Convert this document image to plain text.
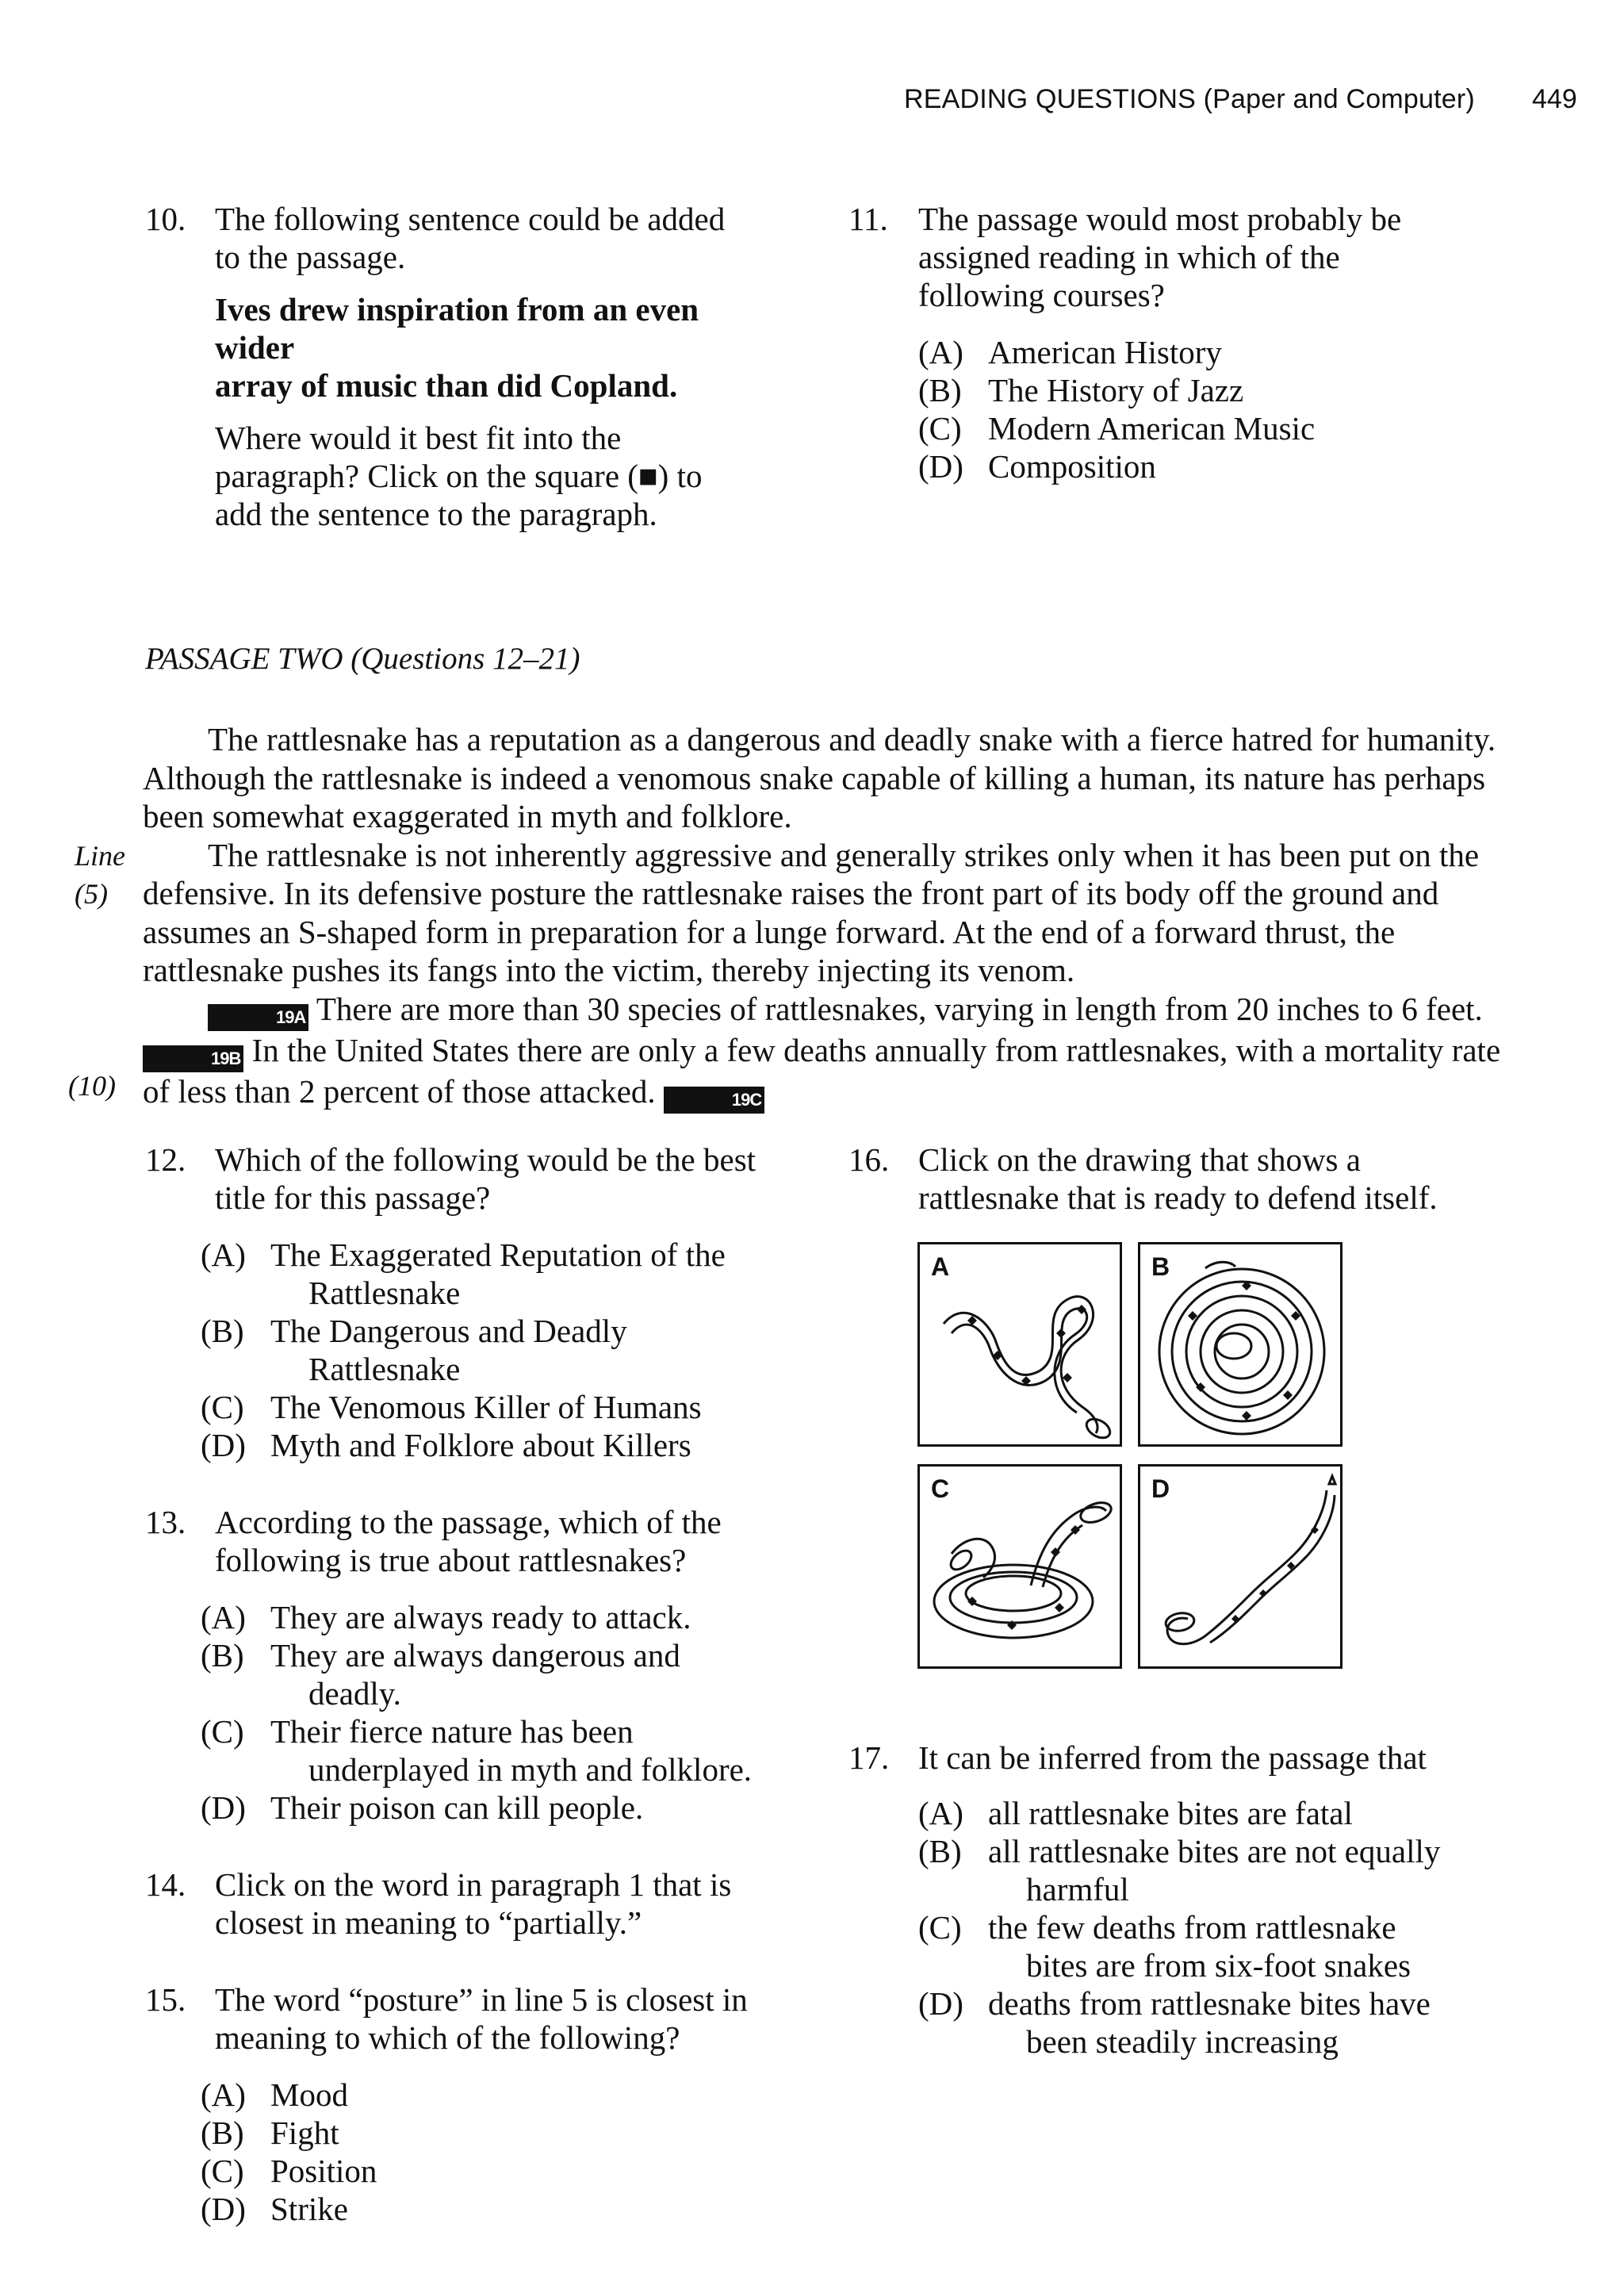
READING QUESTIONS (Paper and Computer) 449
10. The following sentence could be added
to the passage.
Ives drew inspiration from an even wider
array of music than did Copland.
Where would it best fit into the
paragraph? Click on the square (■) to
add the sentence to the paragraph.
11. The passage would most probably be
assigned reading in which of the
following courses?
(A) American History
(B) The History of Jazz
(C) Modern American Music
(D) Composition
PASSAGE TWO (Questions 12–21)
Line
(5)
(10)

The rattlesnake has a reputation as a dangerous and deadly snake with a fierce hatred for humanity. Although the rattlesnake is indeed a venomous snake capable of killing a human, its nature has perhaps been somewhat exaggerated in myth and folklore.

The rattlesnake is not inherently aggressive and generally strikes only when it has been put on the defensive. In its defensive posture the rattlesnake raises the front part of its body off the ground and assumes an S-shaped form in preparation for a lunge forward. At the end of a forward thrust, the rattlesnake pushes its fangs into the victim, thereby injecting its venom.

19A There are more than 30 species of rattlesnakes, varying in length from 20 inches to 6 feet. 19B In the United States there are only a few deaths annually from rattlesnakes, with a mortality rate of less than 2 percent of those attacked.	19C

12. Which of the following would be the best
title for this passage?
(A) The Exaggerated Reputation of the
Rattlesnake
(B) The Dangerous and Deadly
Rattlesnake
(C) The Venomous Killer of Humans
(D) Myth and Folklore about Killers
13. According to the passage, which of the
following is true about rattlesnakes?
(A) They are always ready to attack.
(B) They are always dangerous and
deadly.
(C) Their fierce nature has been
underplayed in myth and folklore.
(D) Their poison can kill people.
14. Click on the word in paragraph 1 that is
closest in meaning to “partially.”
15. The word “posture” in line 5 is closest in
meaning to which of the following?
(A) Mood
(B) Fight
(C) Position
(D) Strike
16. Click on the drawing that shows a
rattlesnake that is ready to defend itself.
A	B
C	D
17. It can be inferred from the passage that
(A) all rattlesnake bites are fatal
(B) all rattlesnake bites are not equally
harmful
(C) the few deaths from rattlesnake
bites are from six-foot snakes
(D) deaths from rattlesnake bites have
been steadily increasing
